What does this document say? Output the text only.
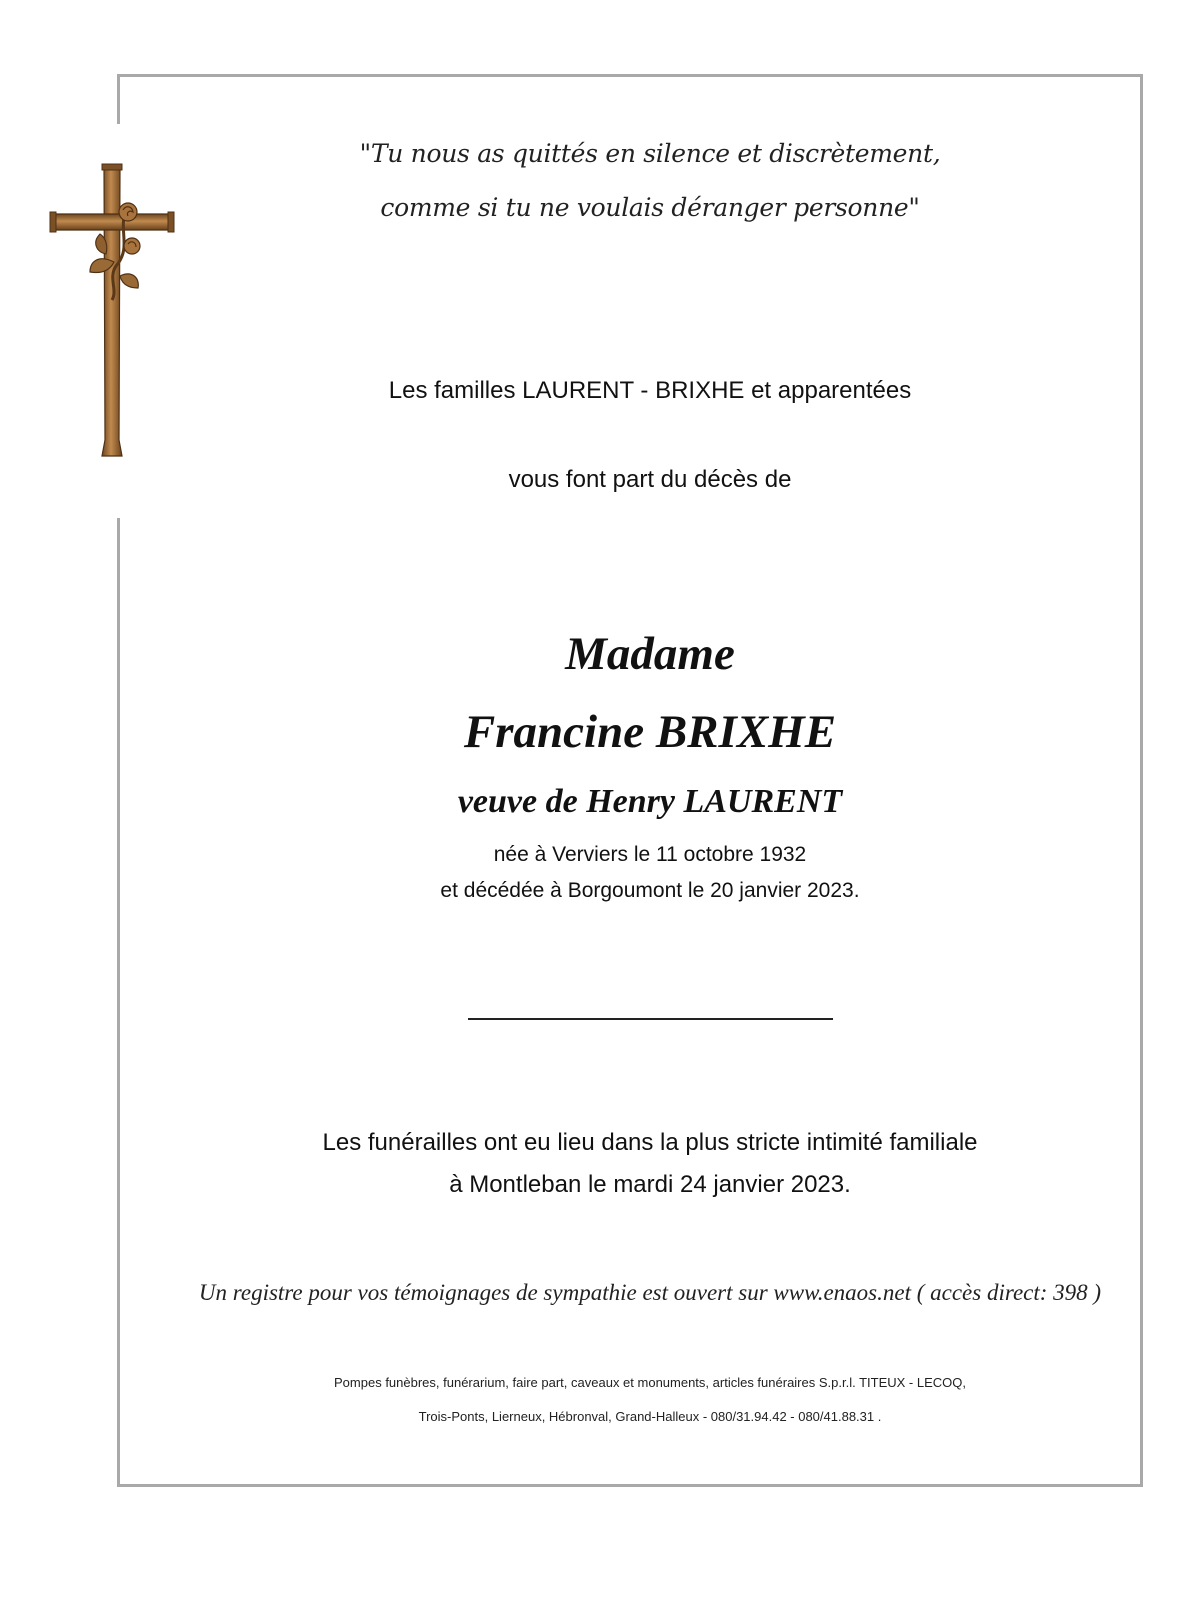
"Tu nous as quittés en silence et discrètement,
comme si tu ne voulais déranger personne"
Les familles LAURENT - BRIXHE et apparentées
vous font part du décès de
Madame
Francine BRIXHE
veuve de Henry LAURENT
née à Verviers le 11 octobre 1932
et décédée à Borgoumont le 20 janvier 2023.
Les funérailles ont eu lieu dans la plus stricte intimité familiale
à Montleban le mardi 24 janvier 2023.
Un registre pour vos témoignages de sympathie est ouvert sur www.enaos.net ( accès direct: 398 )
Pompes funèbres, funérarium, faire part, caveaux et monuments, articles funéraires S.p.r.l. TITEUX - LECOQ,
Trois-Ponts, Lierneux, Hébronval, Grand-Halleux - 080/31.94.42 - 080/41.88.31 .
